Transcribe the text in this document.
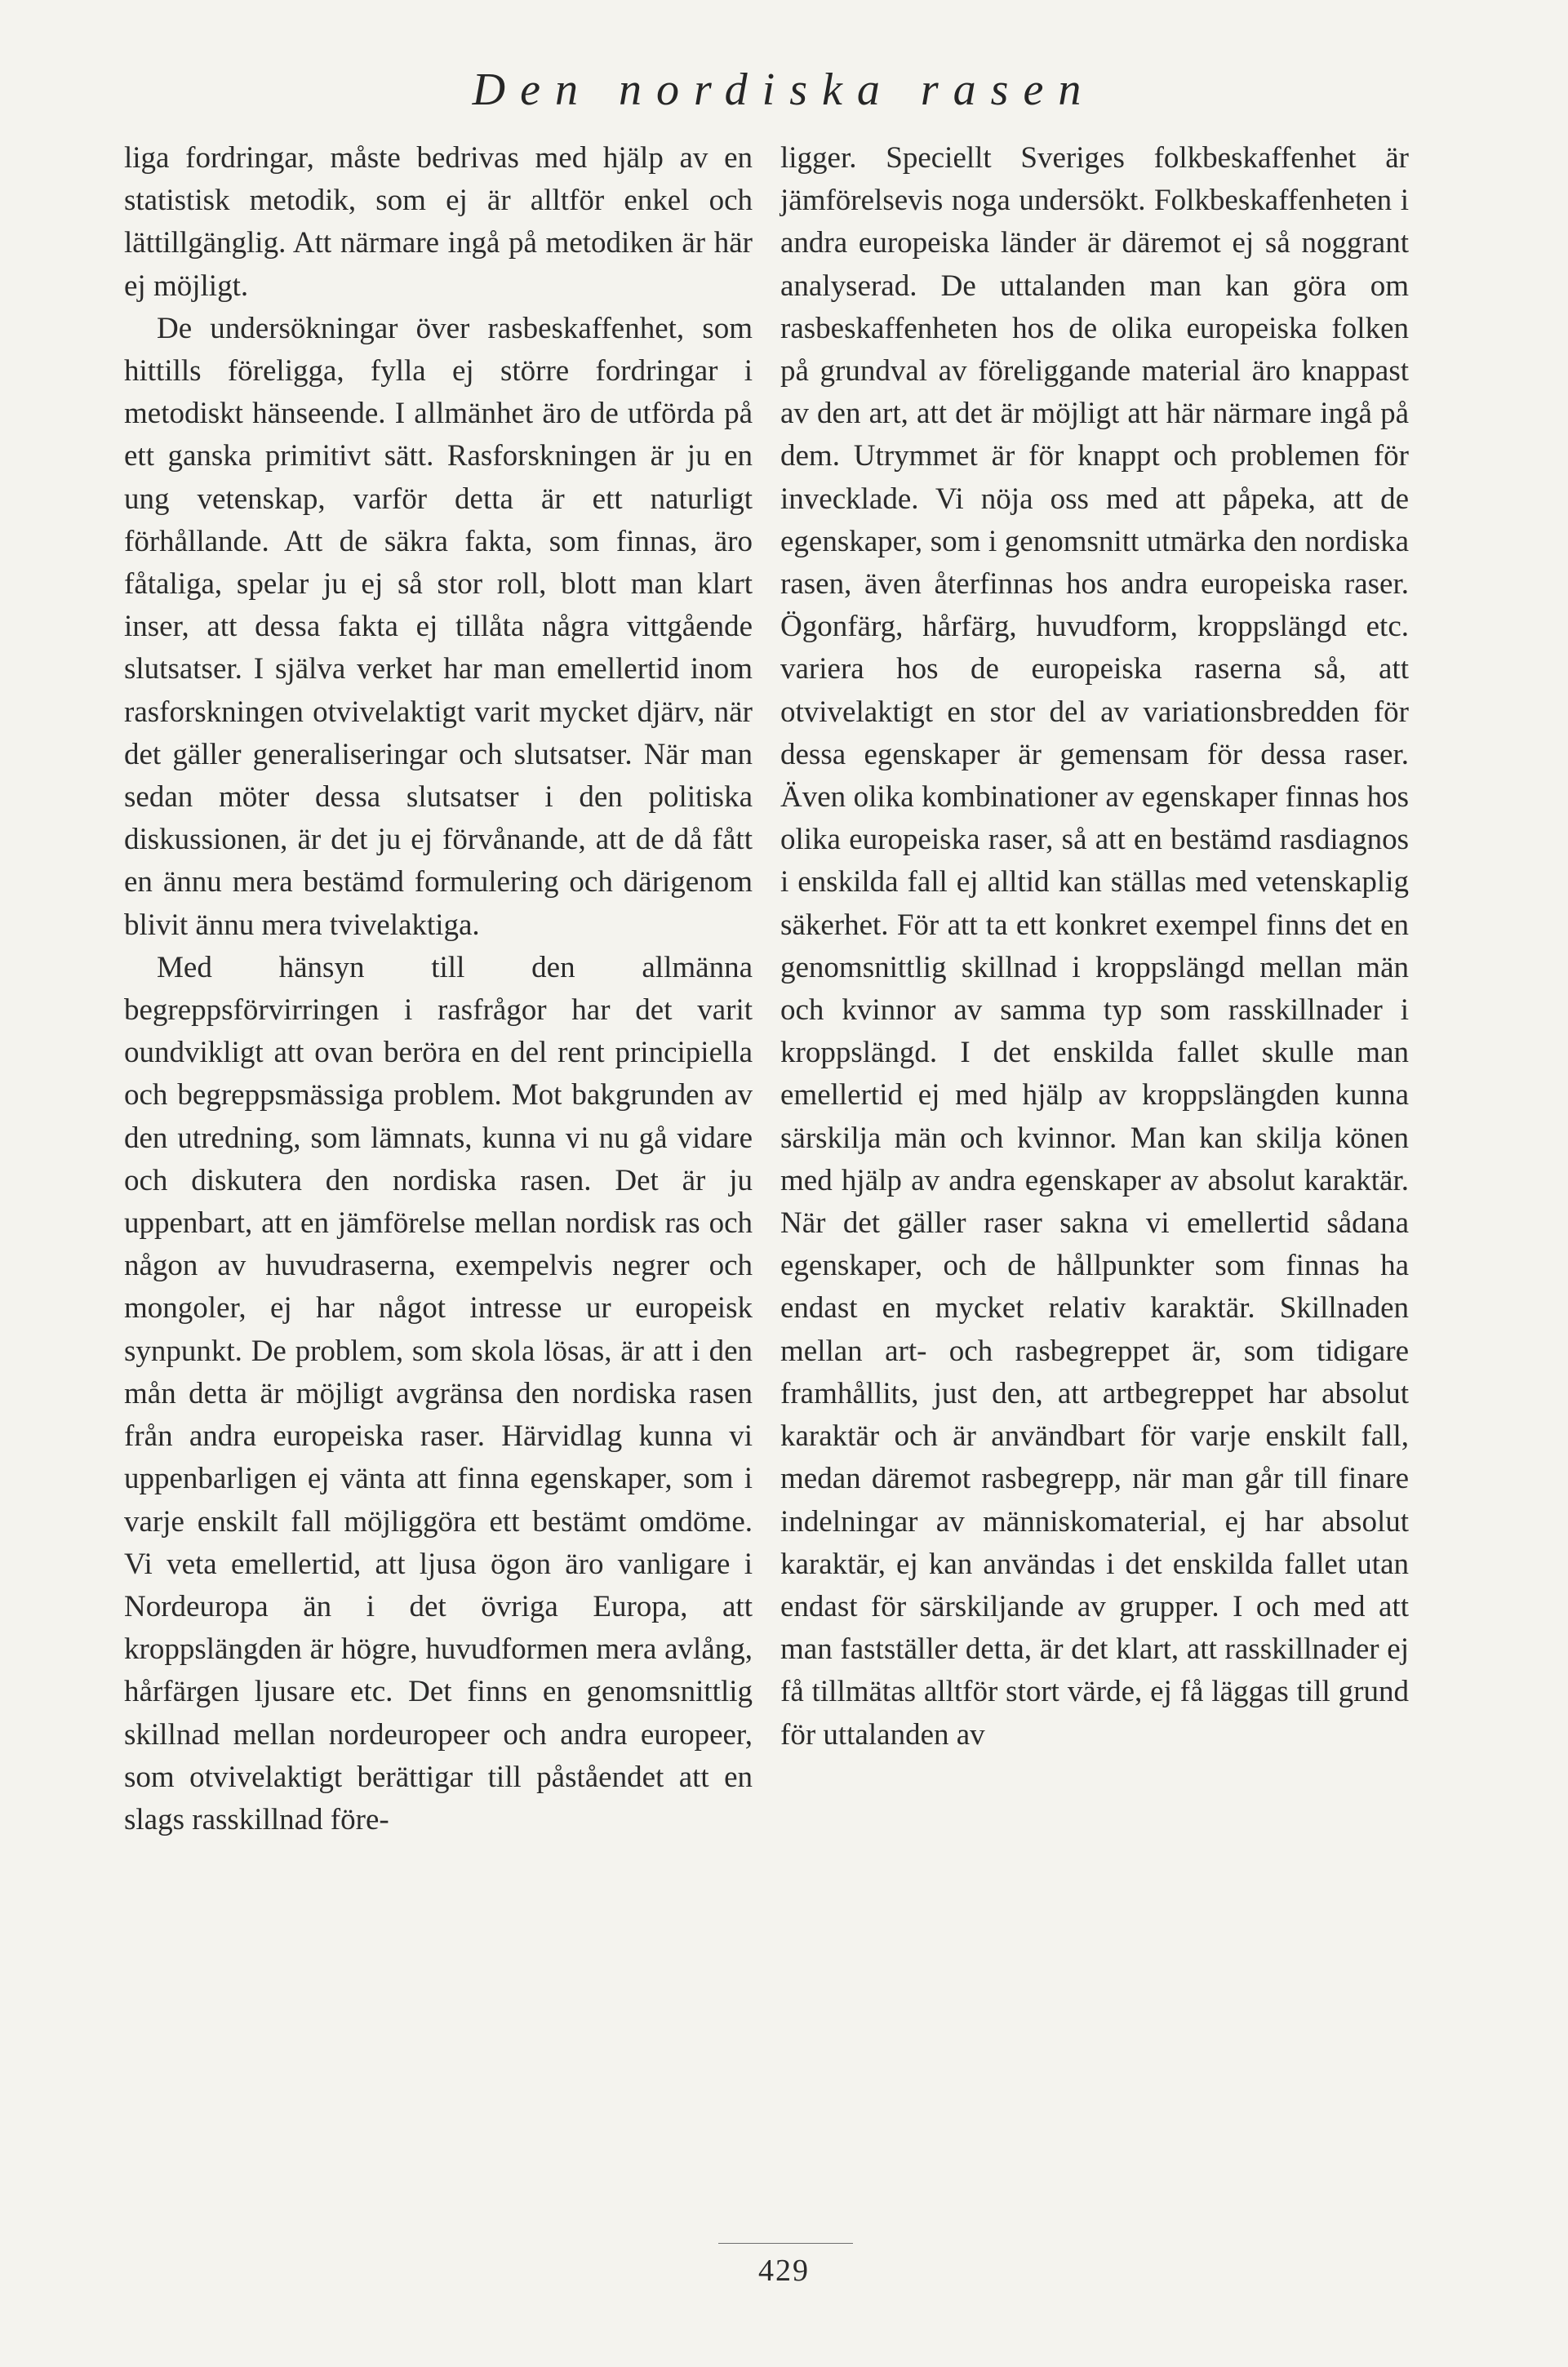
Den nordiska rasen

liga fordringar, måste bedrivas med hjälp av en statistisk metodik, som ej är alltför enkel och lättillgänglig. Att närmare ingå på metodiken är här ej möjligt.

De undersökningar över rasbeskaffenhet, som hittills föreligga, fylla ej större fordringar i metodiskt hänseende. I allmänhet äro de utförda på ett ganska primitivt sätt. Rasforskningen är ju en ung vetenskap, varför detta är ett naturligt förhållande. Att de säkra fakta, som finnas, äro fåtaliga, spelar ju ej så stor roll, blott man klart inser, att dessa fakta ej tillåta några vittgående slutsatser. I själva verket har man emellertid inom rasforskningen otvivelaktigt varit mycket djärv, när det gäller generaliseringar och slutsatser. När man sedan möter dessa slutsatser i den politiska diskussionen, är det ju ej förvånande, att de då fått en ännu mera bestämd formulering och därigenom blivit ännu mera tvivelaktiga.

Med hänsyn till den allmänna begreppsförvirringen i rasfrågor har det varit oundvikligt att ovan beröra en del rent principiella och begreppsmässiga problem. Mot bakgrunden av den utredning, som lämnats, kunna vi nu gå vidare och diskutera den nordiska rasen. Det är ju uppenbart, att en jämförelse mellan nordisk ras och någon av huvudraserna, exempelvis negrer och mongoler, ej har något intresse ur europeisk synpunkt. De problem, som skola lösas, är att i den mån detta är möjligt avgränsa den nordiska rasen från andra europeiska raser. Härvidlag kunna vi uppenbarligen ej vänta att finna egenskaper, som i varje enskilt fall möjliggöra ett bestämt omdöme. Vi veta emellertid, att ljusa ögon äro vanligare i Nordeuropa än i det övriga Europa, att kroppslängden är högre, huvudformen mera avlång, hårfärgen ljusare etc. Det finns en genomsnittlig skillnad mellan nordeuropeer och andra europeer, som otvivelaktigt berättigar till påståendet att en slags rasskillnad före-

ligger. Speciellt Sveriges folkbeskaffenhet är jämförelsevis noga undersökt. Folkbeskaffenheten i andra europeiska länder är däremot ej så noggrant analyserad. De uttalanden man kan göra om rasbeskaffenheten hos de olika europeiska folken på grundval av föreliggande material äro knappast av den art, att det är möjligt att här närmare ingå på dem. Utrymmet är för knappt och problemen för invecklade. Vi nöja oss med att påpeka, att de egenskaper, som i genomsnitt utmärka den nordiska rasen, även återfinnas hos andra europeiska raser. Ögonfärg, hårfärg, huvudform, kroppslängd etc. variera hos de europeiska raserna så, att otvivelaktigt en stor del av variationsbredden för dessa egenskaper är gemensam för dessa raser. Även olika kombinationer av egenskaper finnas hos olika europeiska raser, så att en bestämd rasdiagnos i enskilda fall ej alltid kan ställas med vetenskaplig säkerhet. För att ta ett konkret exempel finns det en genomsnittlig skillnad i kroppslängd mellan män och kvinnor av samma typ som rasskillnader i kroppslängd. I det enskilda fallet skulle man emellertid ej med hjälp av kroppslängden kunna särskilja män och kvinnor. Man kan skilja könen med hjälp av andra egenskaper av absolut karaktär. När det gäller raser sakna vi emellertid sådana egenskaper, och de hållpunkter som finnas ha endast en mycket relativ karaktär. Skillnaden mellan art- och rasbegreppet är, som tidigare framhållits, just den, att artbegreppet har absolut karaktär och är användbart för varje enskilt fall, medan däremot rasbegrepp, när man går till finare indelningar av människomaterial, ej har absolut karaktär, ej kan användas i det enskilda fallet utan endast för särskiljande av grupper. I och med att man fastställer detta, är det klart, att rasskillnader ej få tillmätas alltför stort värde, ej få läggas till grund för uttalanden av

429
